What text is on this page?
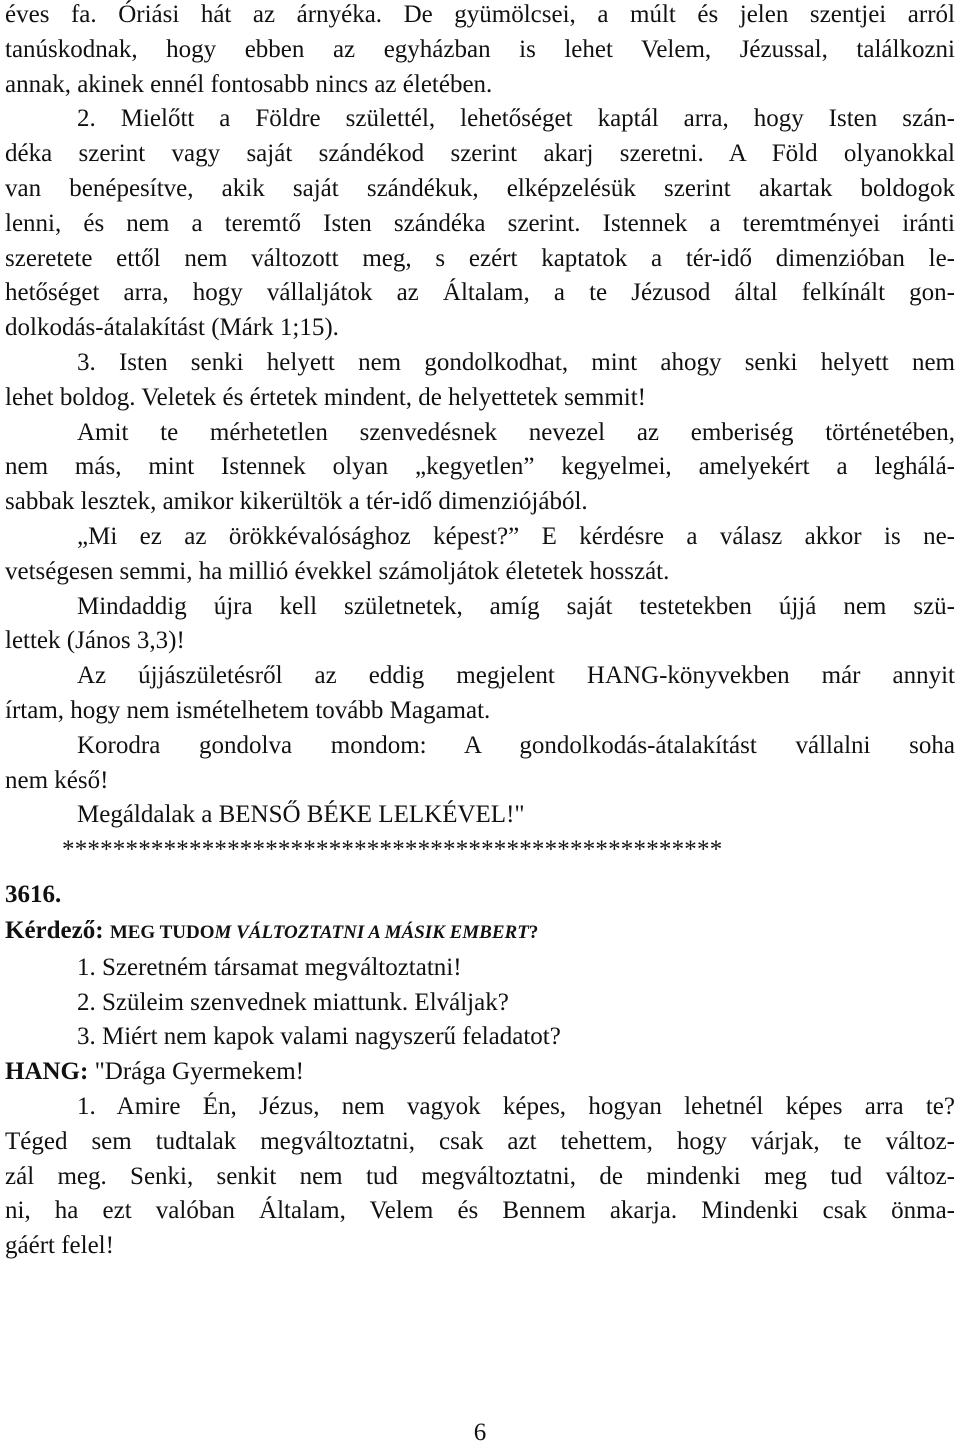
éves fa. Óriási hát az árnyéka. De gyümölcsei, a múlt és jelen szentjei arról
tanúskodnak, hogy ebben az egyházban is lehet Velem, Jézussal, találkozni
annak, akinek ennél fontosabb nincs az életében.
2. Mielőtt a Földre születtél, lehetőséget kaptál arra, hogy Isten szán-
déka szerint vagy saját szándékod szerint akarj szeretni. A Föld olyanokkal
van benépesítve, akik saját szándékuk, elképzelésük szerint akartak boldogok
lenni, és nem a teremtő Isten szándéka szerint. Istennek a teremtményei iránti
szeretete ettől nem változott meg, s ezért kaptatok a tér-idő dimenzióban le-
hetőséget arra, hogy vállaljátok az Általam, a te Jézusod által felkínált gon-
dolkodás-átalakítást (Márk 1;15).
3. Isten senki helyett nem gondolkodhat, mint ahogy senki helyett nem
lehet boldog. Veletek és értetek mindent, de helyettetek semmit!
Amit te mérhetetlen szenvedésnek nevezel az emberiség történetében,
nem más, mint Istennek olyan „kegyetlen” kegyelmei, amelyekért a leghálá-
sabbak lesztek, amikor kikerültök a tér-idő dimenziójából.
„Mi ez az örökkévalósághoz képest?” E kérdésre a válasz akkor is ne-
vetségesen semmi, ha millió évekkel számoljátok életetek hosszát.
Mindaddig újra kell születnetek, amíg saját testetekben újjá nem szü-
lettek (János 3,3)!
Az újjászületésről az eddig megjelent HANG-könyvekben már annyit
írtam, hogy nem ismételhetem tovább Magamat.
Korodra gondolva mondom: A gondolkodás-átalakítást vállalni soha
nem késő!
Megáldalak a BENSŐ BÉKE LELKÉVEL!"
****************************************************
3616.
Kérdező: MEG TUDOM VÁLTOZTATNI A MÁSIK EMBERT?
1. Szeretném társamat megváltoztatni!
2. Szüleim szenvednek miattunk. Elváljak?
3. Miért nem kapok valami nagyszerű feladatot?
HANG: "Drága Gyermekem!
1. Amire Én, Jézus, nem vagyok képes, hogyan lehetnél képes arra te?
Téged sem tudtalak megváltoztatni, csak azt tehettem, hogy várjak, te változ-
zál meg. Senki, senkit nem tud megváltoztatni, de mindenki meg tud változ-
ni, ha ezt valóban Általam, Velem és Bennem akarja. Mindenki csak önma-
gáért felel!
6
